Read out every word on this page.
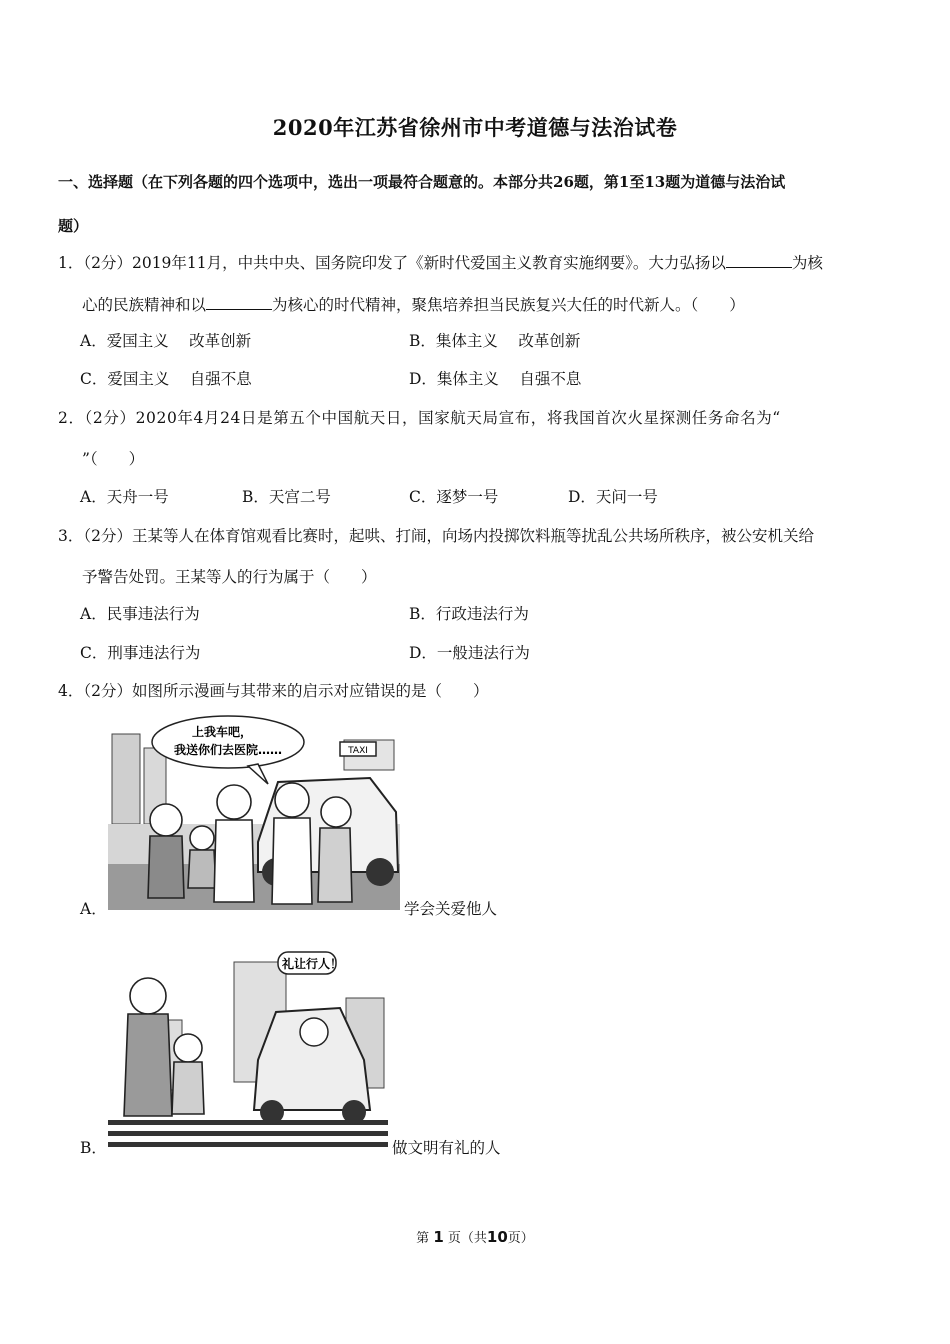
2020年江苏省徐州市中考道德与法治试卷
一、选择题（在下列各题的四个选项中，选出一项最符合题意的。本部分共26题，第1至13题为道德与法治试
题）
1．（2分）2019年11月，中共中央、国务院印发了《新时代爱国主义教育实施纲要》。大力弘扬以	为核
心的民族精神和以	为核心的时代精神，聚焦培养担当民族复兴大任的时代新人。（　　）
A．爱国主义　 改革创新	B．集体主义　 改革创新
C．爱国主义　 自强不息	D．集体主义　 自强不息
2．（2分）2020年4月24日是第五个中国航天日，国家航天局宣布，将我国首次火星探测任务命名为“
”（　　）
A．天舟一号	B．天宫二号	C．逐梦一号	D．天问一号
3．（2分）王某等人在体育馆观看比赛时，起哄、打闹，向场内投掷饮料瓶等扰乱公共场所秩序，被公安机关给
予警告处罚。王某等人的行为属于（　　）
A．民事违法行为	B．行政违法行为
C．刑事违法行为	D．一般违法行为
4．（2分）如图所示漫画与其带来的启示对应错误的是（　　）
TAXI
上我车吧，
我送你们去医院……
A．	学会关爱他人
礼让行人！
B．	做文明有礼的人
第 1 页（共10页）
